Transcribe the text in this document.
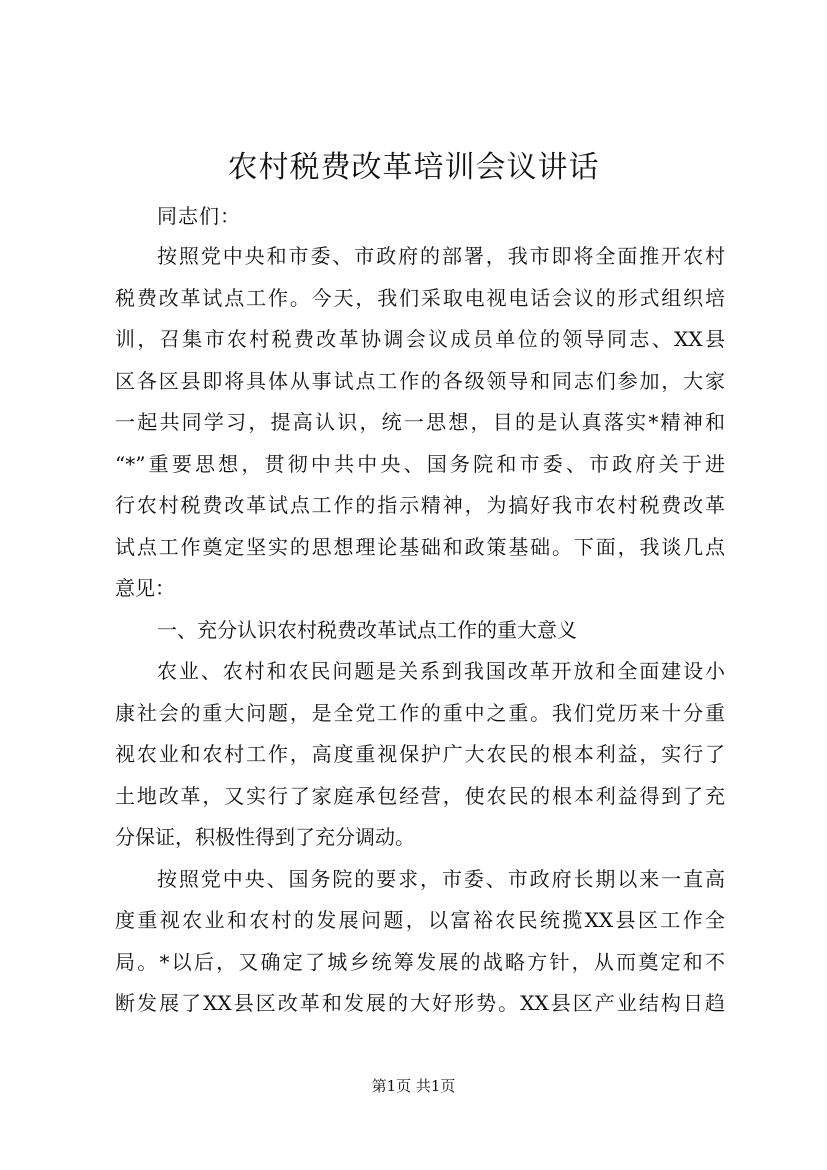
农村税费改革培训会议讲话
同志们：
按照党中央和市委、市政府的部署，我市即将全面推开农村
税费改革试点工作。今天，我们采取电视电话会议的形式组织培
训，召集市农村税费改革协调会议成员单位的领导同志、XX县
区各区县即将具体从事试点工作的各级领导和同志们参加，大家
一起共同学习，提高认识，统一思想，目的是认真落实*精神和
“*”重要思想，贯彻中共中央、国务院和市委、市政府关于进
行农村税费改革试点工作的指示精神，为搞好我市农村税费改革
试点工作奠定坚实的思想理论基础和政策基础。下面，我谈几点
意见：
一、充分认识农村税费改革试点工作的重大意义
农业、农村和农民问题是关系到我国改革开放和全面建设小
康社会的重大问题，是全党工作的重中之重。我们党历来十分重
视农业和农村工作，高度重视保护广大农民的根本利益，实行了
土地改革，又实行了家庭承包经营，使农民的根本利益得到了充
分保证，积极性得到了充分调动。
按照党中央、国务院的要求，市委、市政府长期以来一直高
度重视农业和农村的发展问题，以富裕农民统揽XX县区工作全
局。*以后，又确定了城乡统筹发展的战略方针，从而奠定和不
断发展了XX县区改革和发展的大好形势。XX县区产业结构日趋
第1页 共1页
